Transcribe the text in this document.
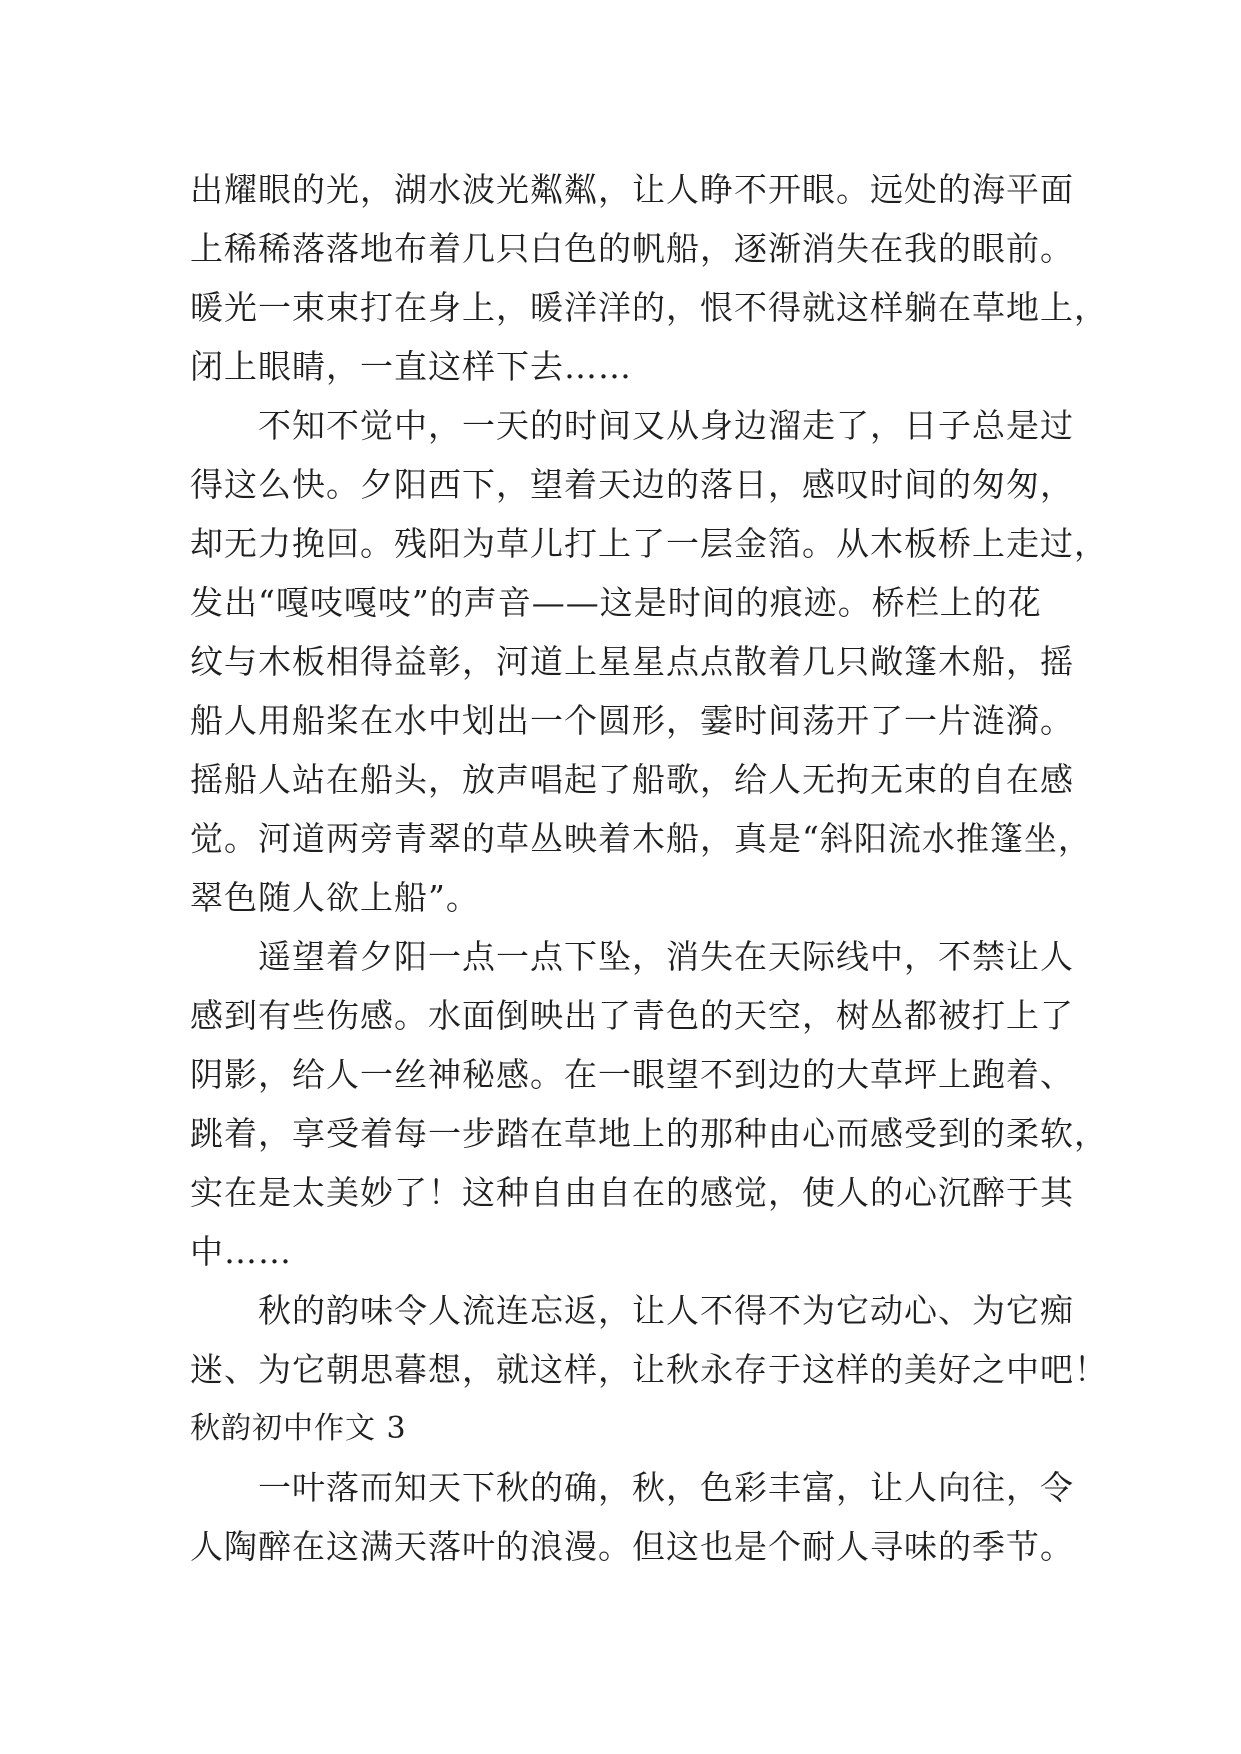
出耀眼的光，湖水波光粼粼，让人睁不开眼。远处的海平面
上稀稀落落地布着几只白色的帆船，逐渐消失在我的眼前。
暖光一束束打在身上，暖洋洋的，恨不得就这样躺在草地上，
闭上眼睛，一直这样下去……
　　不知不觉中，一天的时间又从身边溜走了，日子总是过
得这么快。夕阳西下，望着天边的落日，感叹时间的匆匆，
却无力挽回。残阳为草儿打上了一层金箔。从木板桥上走过，
发出“嘎吱嘎吱”的声音——这是时间的痕迹。桥栏上的花
纹与木板相得益彰，河道上星星点点散着几只敞篷木船，摇
船人用船桨在水中划出一个圆形，霎时间荡开了一片涟漪。
摇船人站在船头，放声唱起了船歌，给人无拘无束的自在感
觉。河道两旁青翠的草丛映着木船，真是“斜阳流水推篷坐，
翠色随人欲上船”。
　　遥望着夕阳一点一点下坠，消失在天际线中，不禁让人
感到有些伤感。水面倒映出了青色的天空，树丛都被打上了
阴影，给人一丝神秘感。在一眼望不到边的大草坪上跑着、
跳着，享受着每一步踏在草地上的那种由心而感受到的柔软，
实在是太美妙了！这种自由自在的感觉，使人的心沉醉于其
中……
　　秋的韵味令人流连忘返，让人不得不为它动心、为它痴
迷、为它朝思暮想，就这样，让秋永存于这样的美好之中吧！
秋韵初中作文 3
　　一叶落而知天下秋的确，秋，色彩丰富，让人向往，令
人陶醉在这满天落叶的浪漫。但这也是个耐人寻味的季节。
